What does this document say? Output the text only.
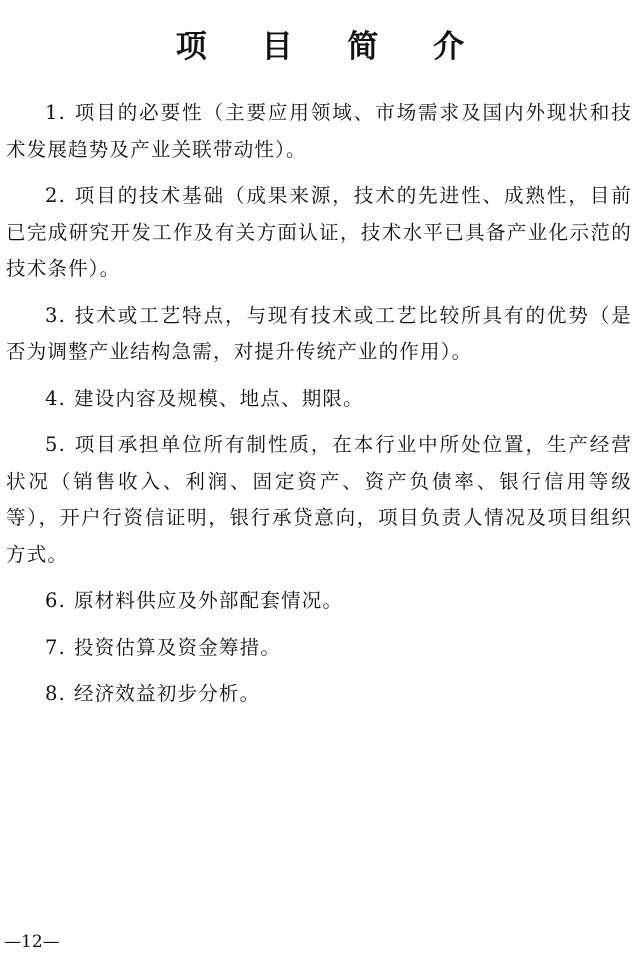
项 目 简 介

1. 项目的必要性（主要应用领域、市场需求及国内外现状和技术发展趋势及产业关联带动性）。

2. 项目的技术基础（成果来源，技术的先进性、成熟性，目前已完成研究开发工作及有关方面认证，技术水平已具备产业化示范的技术条件）。

3. 技术或工艺特点，与现有技术或工艺比较所具有的优势（是否为调整产业结构急需，对提升传统产业的作用）。

4. 建设内容及规模、地点、期限。

5. 项目承担单位所有制性质，在本行业中所处位置，生产经营状况（销售收入、利润、固定资产、资产负债率、银行信用等级等），开户行资信证明，银行承贷意向，项目负责人情况及项目组织方式。

6. 原材料供应及外部配套情况。

7. 投资估算及资金筹措。

8. 经济效益初步分析。

—12—
